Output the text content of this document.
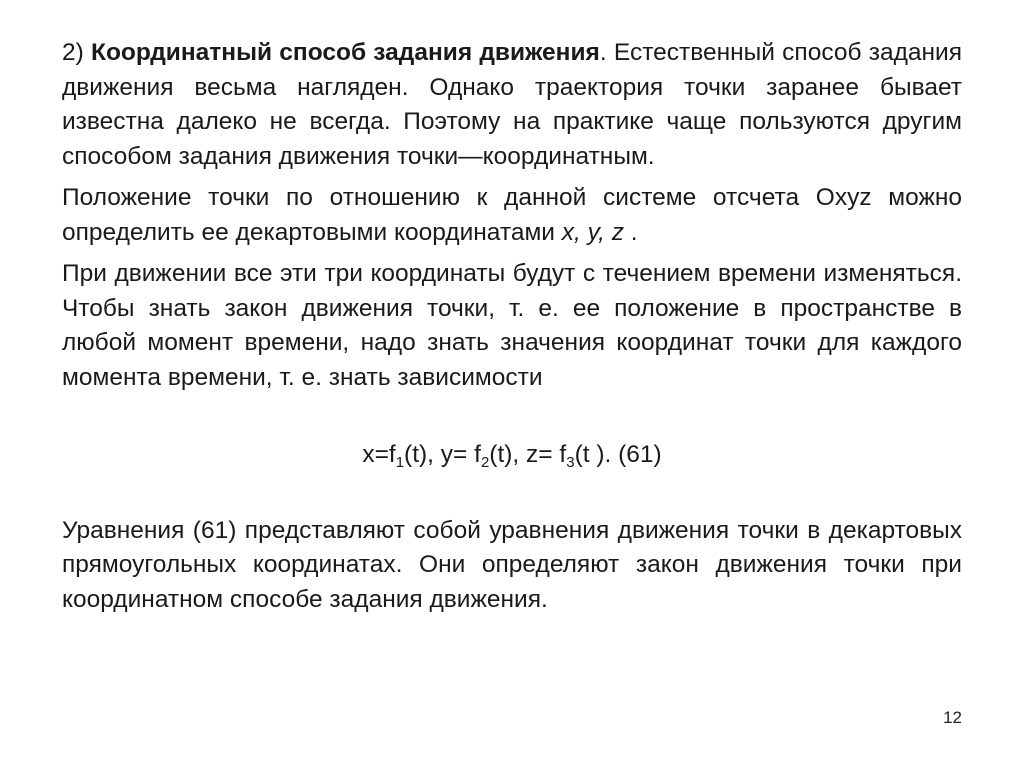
2) Координатный способ задания движения. Естественный способ задания движения весьма нагляден. Однако траектория точки заранее бывает известна далеко не всегда. Поэтому на практике чаще пользуются другим способом задания движения точки—координатным.

Положение точки по отношению к данной системе отсчета Oxyz можно определить ее декартовыми координатами x, y, z .

При движении все эти три координаты будут с течением времени изменяться. Чтобы знать закон движения точки, т. е. ее положение в пространстве в любой момент времени, надо знать значения координат точки для каждого момента времени, т. е. знать зависимости

$x=f_1(t)$, $y= f_2(t)$, $z= f_3(t$ ). (61)

Уравнения (61) представляют собой уравнения движения точки в декартовых прямоугольных координатах. Они определяют закон движения точки при координатном способе задания движения.

12
